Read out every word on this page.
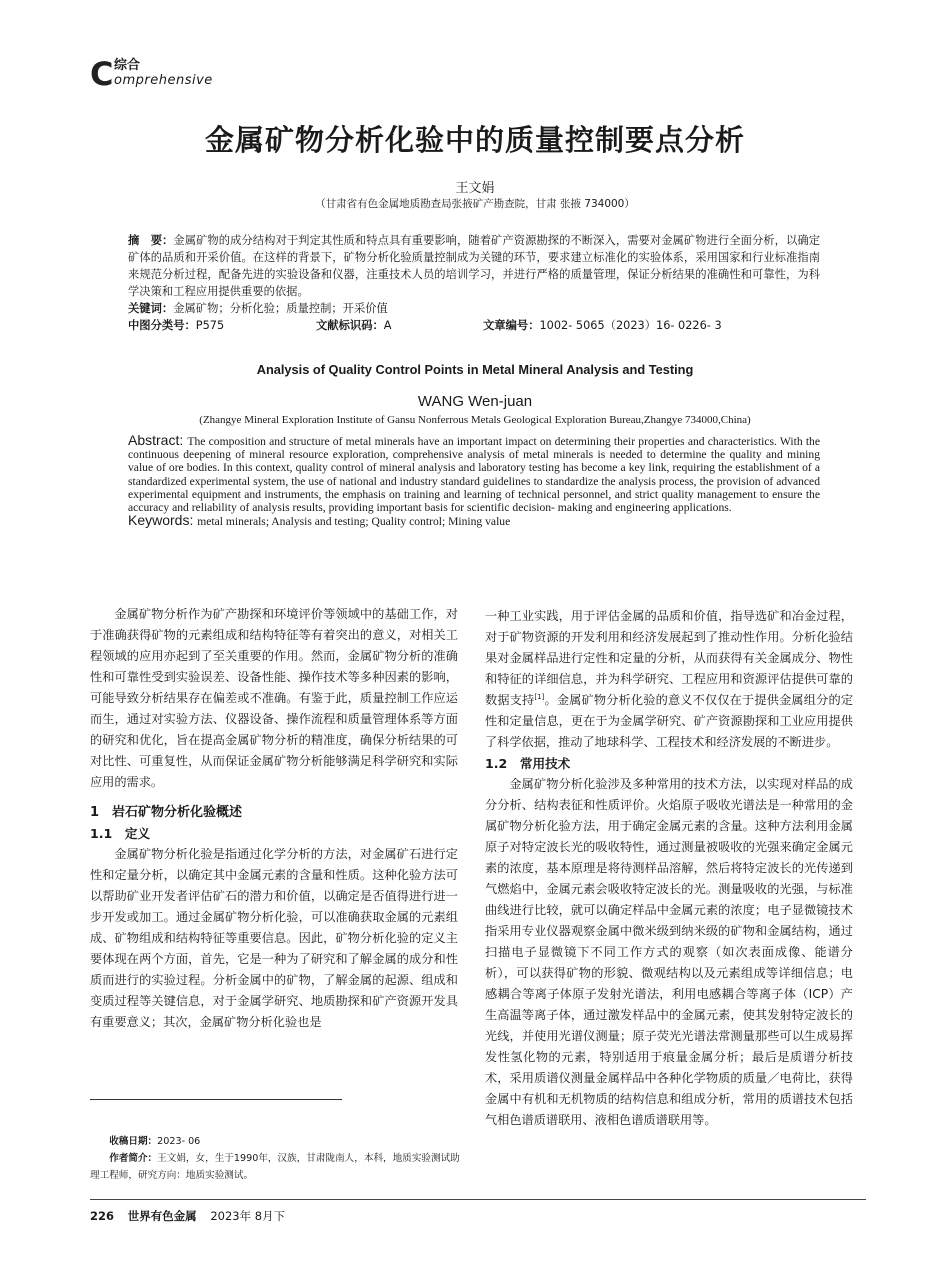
C 综合
omprehensive
金属矿物分析化验中的质量控制要点分析
王文娟
（甘肃省有色金属地质勘查局张掖矿产勘查院，甘肃 张掖 734000）

摘　要：金属矿物的成分结构对于判定其性质和特点具有重要影响，随着矿产资源勘探的不断深入，需要对金属矿物进行全面分析，以确定矿体的品质和开采价值。在这样的背景下，矿物分析化验质量控制成为关键的环节，要求建立标准化的实验体系，采用国家和行业标准指南来规范分析过程，配备先进的实验设备和仪器，注重技术人员的培训学习，并进行严格的质量管理，保证分析结果的准确性和可靠性，为科学决策和工程应用提供重要的依据。

关键词：金属矿物；分析化验；质量控制；开采价值

中图分类号：P575	文献标识码：A	文章编号：1002- 5065（2023）16- 0226- 3
Analysis of Quality Control Points in Metal Mineral Analysis and Testing
WANG Wen-juan
(Zhangye Mineral Exploration Institute of Gansu Nonferrous Metals Geological Exploration Bureau,Zhangye 734000,China)

Abstract: The composition and structure of metal minerals have an important impact on determining their properties and characteristics. With the continuous deepening of mineral resource exploration, comprehensive analysis of metal minerals is needed to determine the quality and mining value of ore bodies. In this context, quality control of mineral analysis and laboratory testing has become a key link, requiring the establishment of a standardized experimental system, the use of national and industry standard guidelines to standardize the analysis process, the provision of advanced experimental equipment and instruments, the emphasis on training and learning of technical personnel, and strict quality management to ensure the accuracy and reliability of analysis results, providing important basis for scientific decision- making and engineering applications.

Keywords: metal minerals; Analysis and testing; Quality control; Mining value

金属矿物分析作为矿产勘探和环境评价等领域中的基础工作，对于准确获得矿物的元素组成和结构特征等有着突出的意义，对相关工程领域的应用亦起到了至关重要的作用。然而，金属矿物分析的准确性和可靠性受到实验误差、设备性能、操作技术等多种因素的影响，可能导致分析结果存在偏差或不准确。有鉴于此，质量控制工作应运而生，通过对实验方法、仪器设备、操作流程和质量管理体系等方面的研究和优化，旨在提高金属矿物分析的精准度，确保分析结果的可对比性、可重复性，从而保证金属矿物分析能够满足科学研究和实际应用的需求。

1　岩石矿物分析化验概述

1.1　定义

金属矿物分析化验是指通过化学分析的方法，对金属矿石进行定性和定量分析，以确定其中金属元素的含量和性质。这种化验方法可以帮助矿业开发者评估矿石的潜力和价值，以确定是否值得进行进一步开发或加工。通过金属矿物分析化验，可以准确获取金属的元素组成、矿物组成和结构特征等重要信息。因此，矿物分析化验的定义主要体现在两个方面，首先，它是一种为了研究和了解金属的成分和性质而进行的实验过程。分析金属中的矿物，了解金属的起源、组成和变质过程等关键信息，对于金属学研究、地质勘探和矿产资源开发具有重要意义；其次，金属矿物分析化验也是

一种工业实践，用于评估金属的品质和价值，指导选矿和冶金过程，对于矿物资源的开发利用和经济发展起到了推动性作用。分析化验结果对金属样品进行定性和定量的分析，从而获得有关金属成分、物性和特征的详细信息，并为科学研究、工程应用和资源评估提供可靠的数据支持[1]。金属矿物分析化验的意义不仅仅在于提供金属组分的定性和定量信息，更在于为金属学研究、矿产资源勘探和工业应用提供了科学依据，推动了地球科学、工程技术和经济发展的不断进步。

1.2　常用技术

金属矿物分析化验涉及多种常用的技术方法，以实现对样品的成分分析、结构表征和性质评价。火焰原子吸收光谱法是一种常用的金属矿物分析化验方法，用于确定金属元素的含量。这种方法利用金属原子对特定波长光的吸收特性，通过测量被吸收的光强来确定金属元素的浓度，基本原理是将待测样品溶解，然后将特定波长的光传递到气燃焰中，金属元素会吸收特定波长的光。测量吸收的光强，与标准曲线进行比较，就可以确定样品中金属元素的浓度；电子显微镜技术指采用专业仪器观察金属中微米级到纳米级的矿物和金属结构，通过扫描电子显微镜下不同工作方式的观察（如次表面成像、能谱分析），可以获得矿物的形貌、微观结构以及元素组成等详细信息；电感耦合等离子体原子发射光谱法，利用电感耦合等离子体（ICP）产生高温等离子体，通过激发样品中的金属元素，使其发射特定波长的光线，并使用光谱仪测量；原子荧光光谱法常测量那些可以生成易挥发性氢化物的元素，特别适用于痕量金属分析；最后是质谱分析技术，采用质谱仪测量金属样品中各种化学物质的质量／电荷比，获得金属中有机和无机物质的结构信息和组成分析，常用的质谱技术包括气相色谱质谱联用、液相色谱质谱联用等。

收稿日期：2023- 06

作者简介：王文娟，女，生于1990年，汉族，甘肃陇南人，本科，地质实验测试助理工程师，研究方向：地质实验测试。

226 世界有色金属 2023年 8月下
